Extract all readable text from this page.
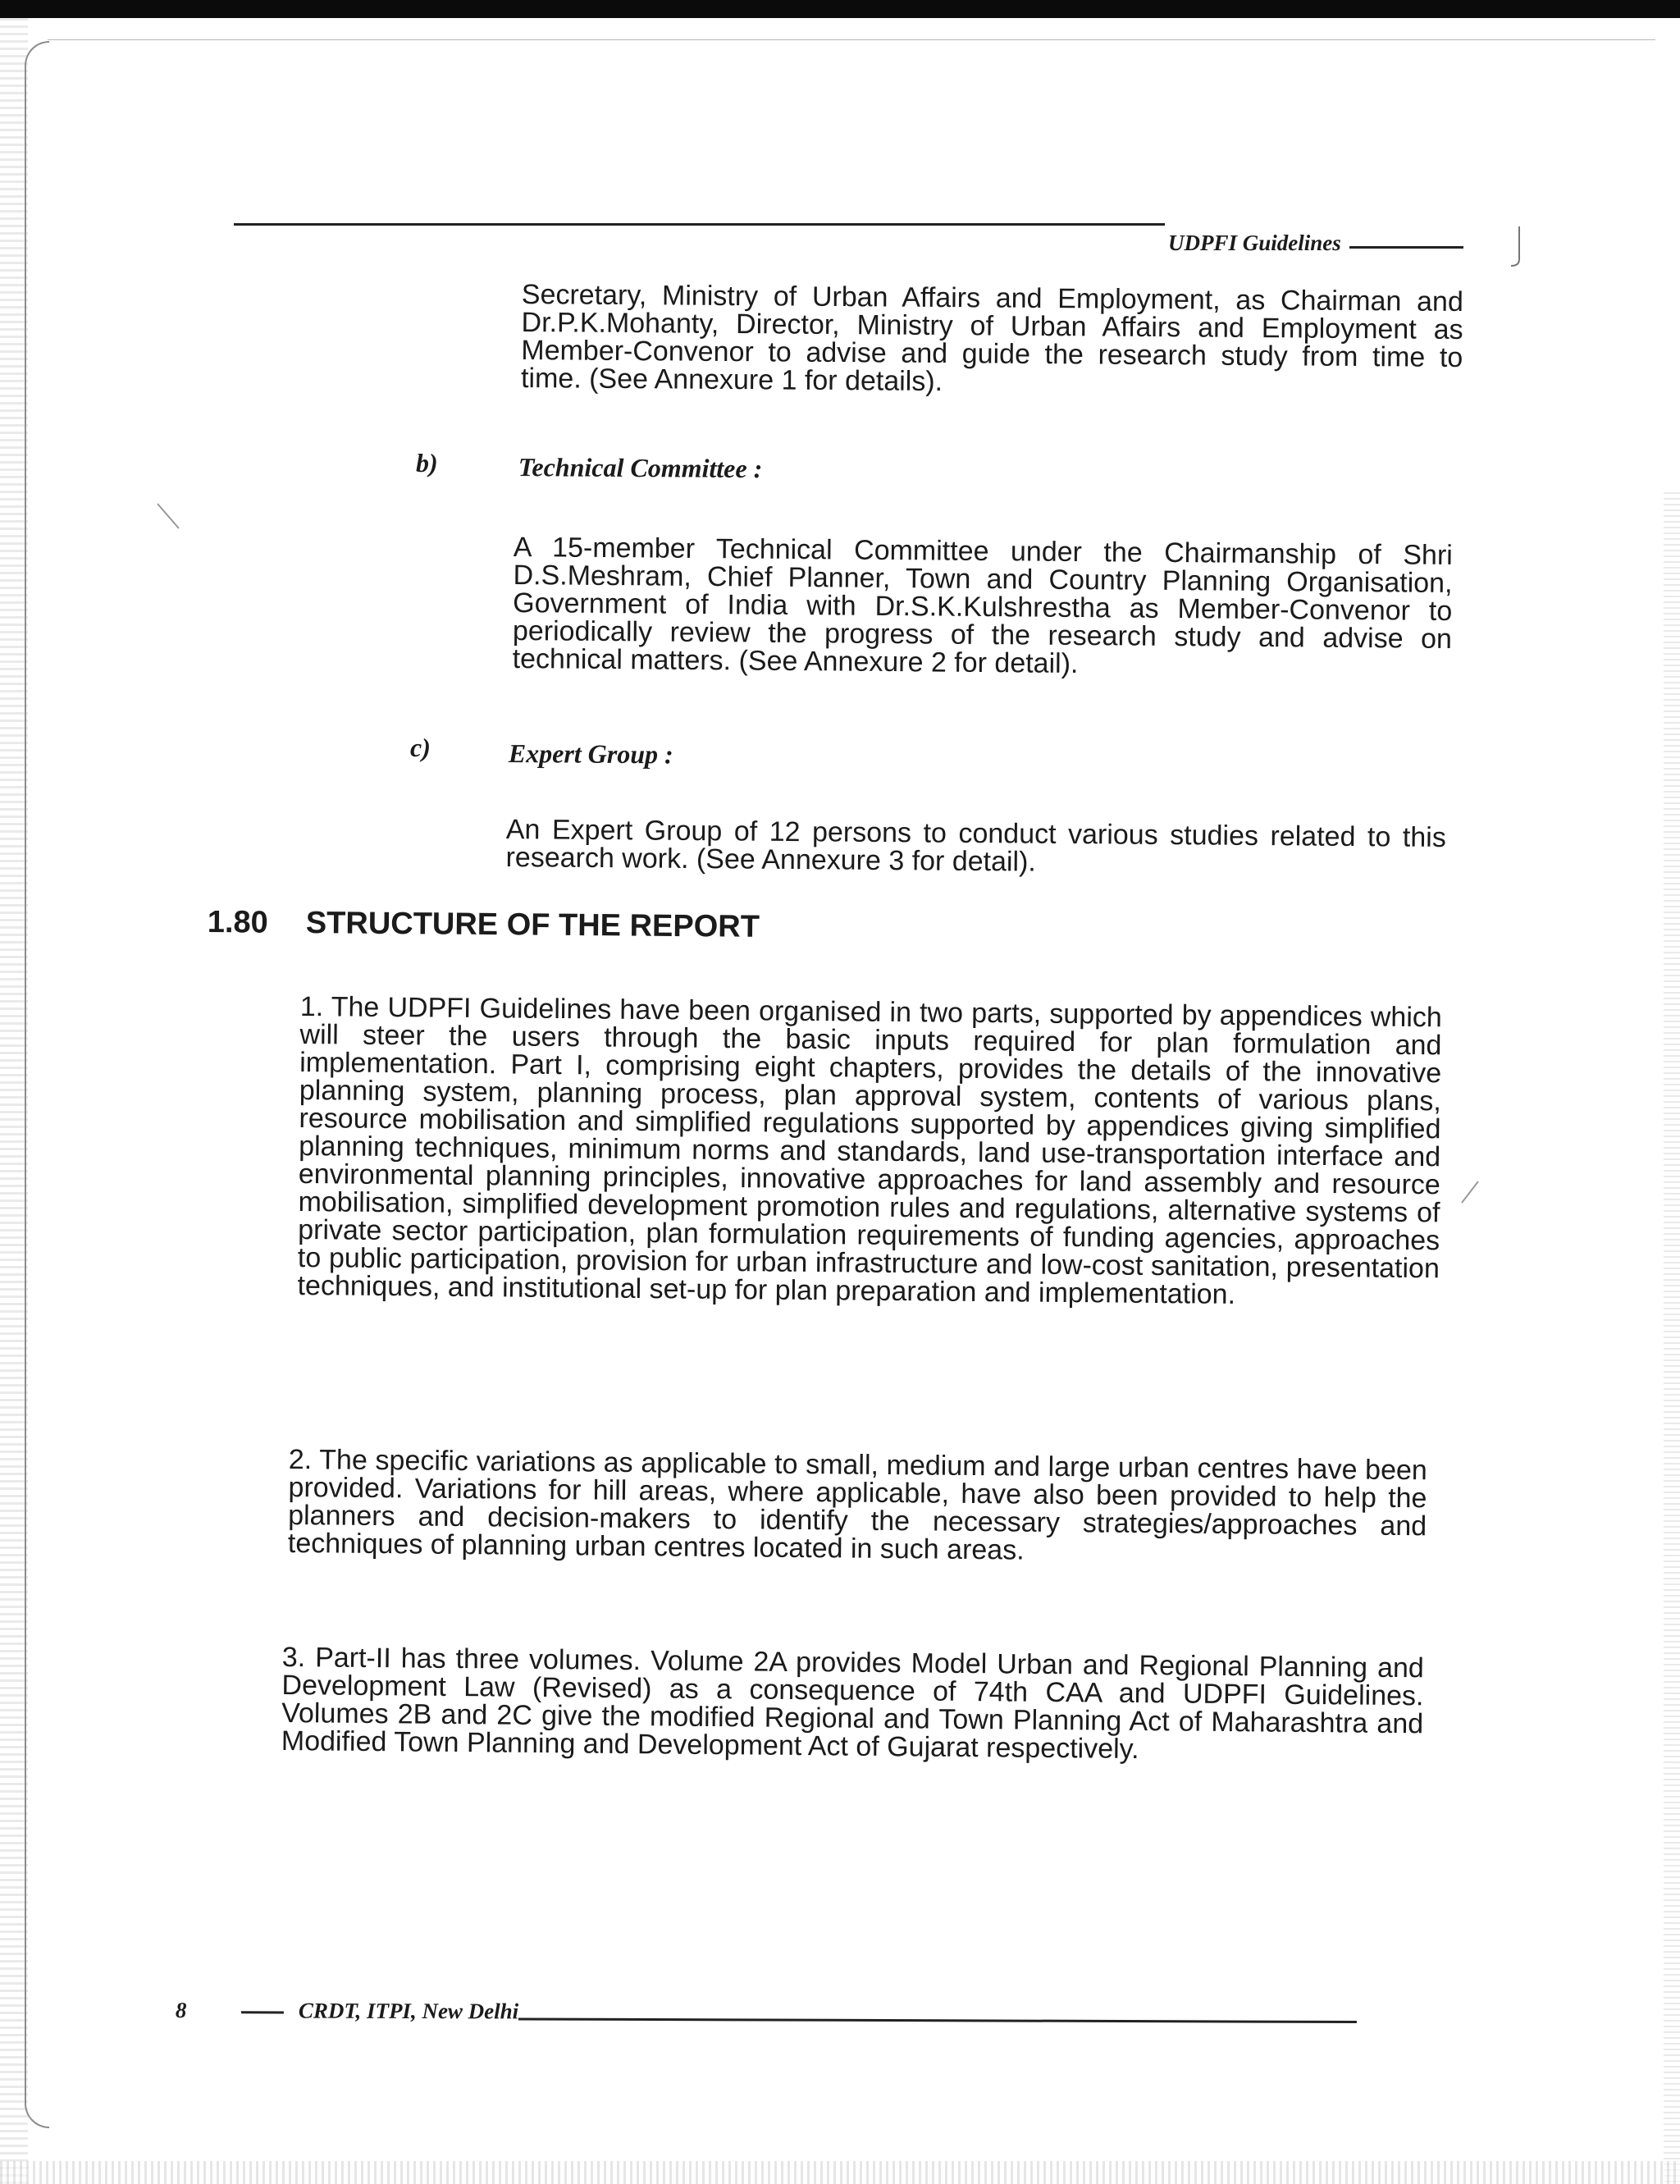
UDPFI Guidelines

Secretary, Ministry of Urban Affairs and Employment, as Chairman and Dr.P.K.Mohanty, Director, Ministry of Urban Affairs and Employment as Member-Convenor to advise and guide the research study from time to time. (See Annexure 1 for details).

b)	Technical Committee :

A 15-member Technical Committee under the Chairmanship of Shri D.S.Meshram, Chief Planner, Town and Country Planning Organisation, Government of India with Dr.S.K.Kulshrestha as Member-Convenor to periodically review the progress of the research study and advise on technical matters. (See Annexure 2 for detail).

c)	Expert Group :

An Expert Group of 12 persons to conduct various studies related to this research work. (See Annexure 3 for detail).

1.80 STRUCTURE OF THE REPORT

1. The UDPFI Guidelines have been organised in two parts, supported by appendices which will steer the users through the basic inputs required for plan formulation and implementation. Part I, comprising eight chapters, provides the details of the innovative planning system, planning process, plan approval system, contents of various plans, resource mobilisation and simplified regulations supported by appendices giving simplified planning techniques, minimum norms and standards, land use-transportation interface and environmental planning principles, innovative approaches for land assembly and resource mobilisation, simplified development promotion rules and regulations, alternative systems of private sector participation, plan formulation requirements of funding agencies, approaches to public participation, provision for urban infrastructure and low-cost sanitation, presentation techniques, and institutional set-up for plan preparation and implementation.

2. The specific variations as applicable to small, medium and large urban centres have been provided. Variations for hill areas, where applicable, have also been provided to help the planners and decision-makers to identify the necessary strategies/approaches and techniques of planning urban centres located in such areas.

3. Part-II has three volumes. Volume 2A provides Model Urban and Regional Planning and Development Law (Revised) as a consequence of 74th CAA and UDPFI Guidelines. Volumes 2B and 2C give the modified Regional and Town Planning Act of Maharashtra and Modified Town Planning and Development Act of Gujarat respectively.

8	CRDT, ITPI, New Delhi
